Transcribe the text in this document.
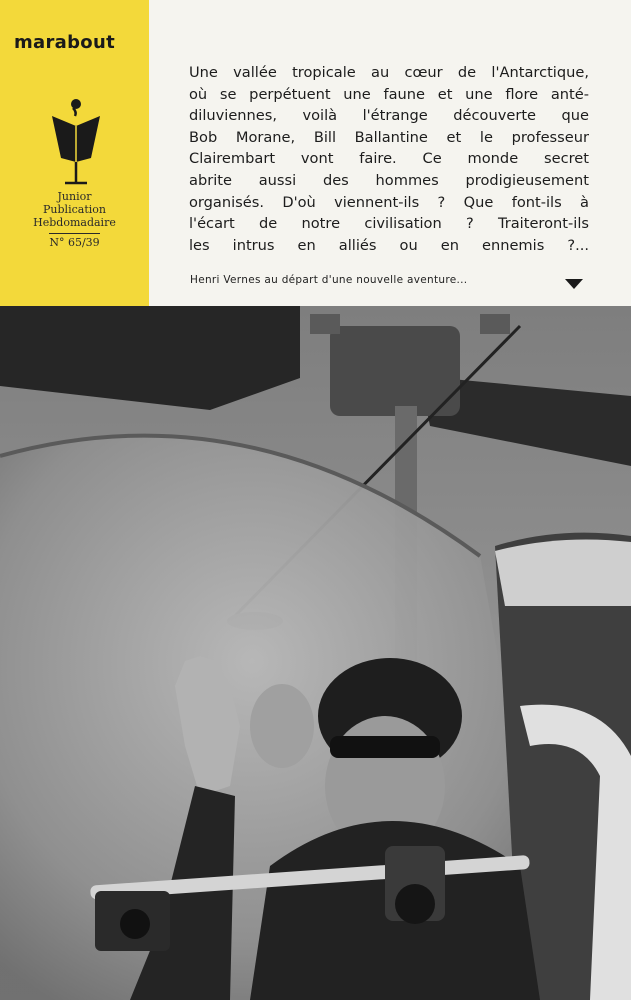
marabout
Junior
Publication
Hebdomadaire
N° 65/39
Une vallée tropicale au cœur de l'Antarctique,
où se perpétuent une faune et une flore anté-
diluviennes, voilà l'étrange découverte que
Bob Morane, Bill Ballantine et le professeur
Clairembart vont faire. Ce monde secret
abrite aussi des hommes prodigieusement
organisés. D'où viennent-ils ? Que font-ils à
l'écart de notre civilisation ? Traiteront-ils
les intrus en alliés ou en ennemis ?...
Henri Vernes au départ d'une nouvelle aventure...
